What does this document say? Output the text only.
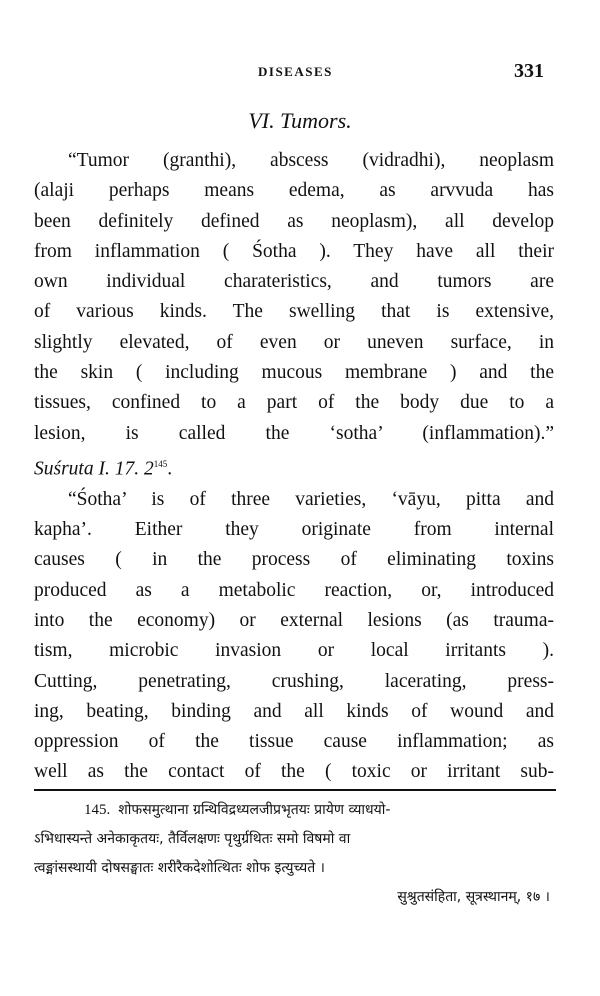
DISEASES	331
VI. Tumors.
“Tumor (granthi), abscess (vidradhi), neoplasm
(alaji perhaps means edema, as arvvuda has
been definitely defined as neoplasm), all develop
from inflammation ( Śotha ). They have all their
own individual charateristics, and tumors are
of various kinds. The swelling that is extensive,
slightly elevated, of even or uneven surface, in
the skin ( including mucous membrane ) and the
tissues, confined to a part of the body due to a
lesion, is called the ‘sotha’ (inflammation).”
Suśruta I. 17. $2^{145}$.
“Śotha’ is of three varieties, ‘vāyu, pitta and
kapha’. Either they originate from internal
causes ( in the process of eliminating toxins
produced as a metabolic reaction, or, introduced
into the economy) or external lesions (as trauma-
tism, microbic invasion or local irritants ).
Cutting, penetrating, crushing, lacerating, press-
ing, beating, binding and all kinds of wound and
oppression of the tissue cause inflammation; as
well as the contact of the ( toxic or irritant sub-
145. शोफसमुत्थाना ग्रन्थिविद्रध्यलजीप्रभृतयः प्रायेण व्याधयो-
ऽभिधास्यन्ते अनेकाकृतयः, तैर्विलक्षणः पृथुर्ग्रथितः समो विषमो वा
त्वङ्मांसस्थायी दोषसङ्घातः शरीरैकदेशोत्थितः शोफ इत्युच्यते ।
सुश्रुतसंहिता, सूत्रस्थानम्, १७ ।
